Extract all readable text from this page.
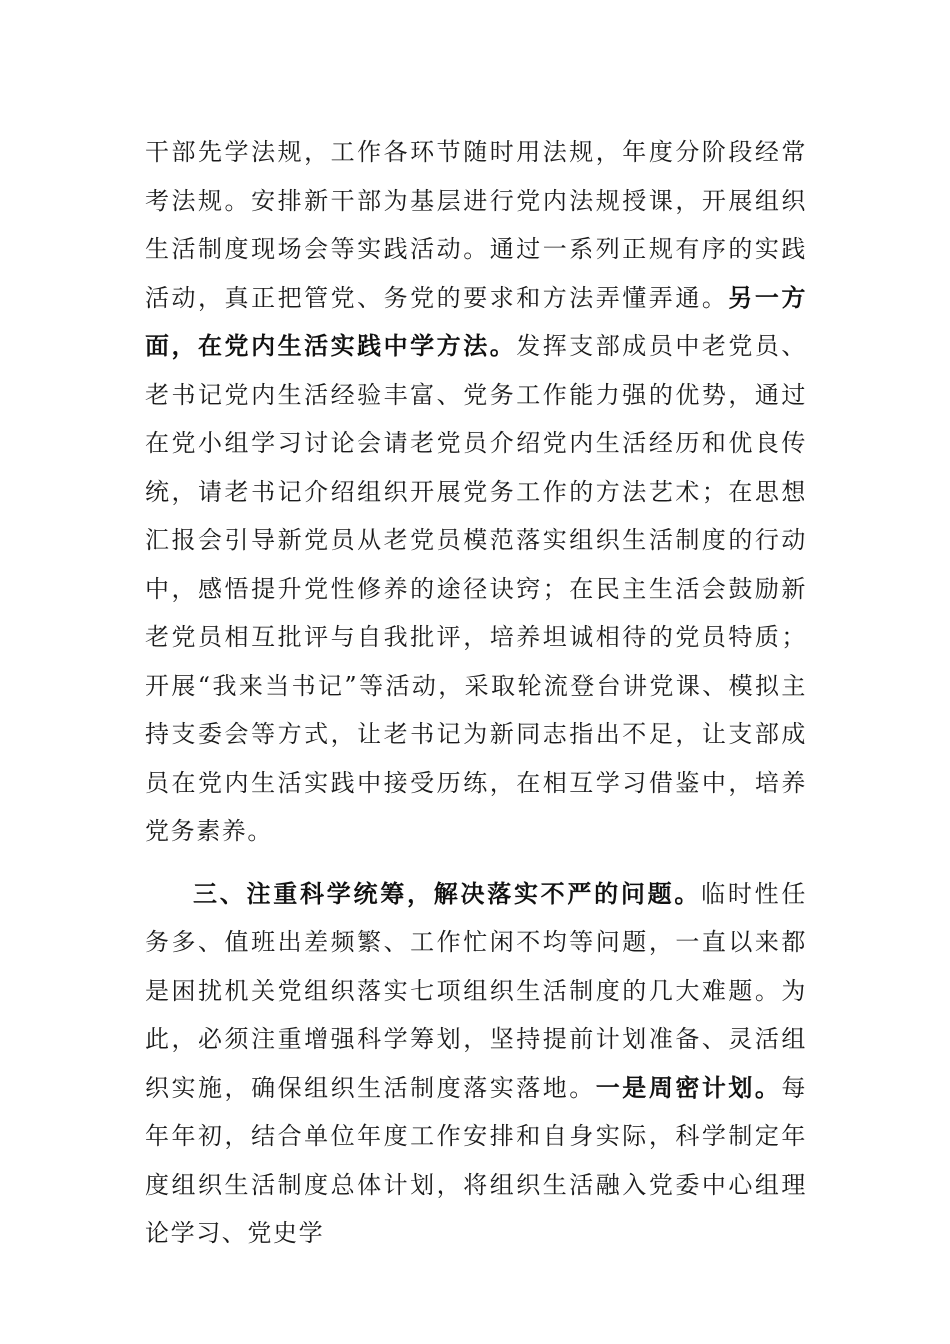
干部先学法规，工作各环节随时用法规，年度分阶段经常考法规。安排新干部为基层进行党内法规授课，开展组织生活制度现场会等实践活动。通过一系列正规有序的实践活动，真正把管党、务党的要求和方法弄懂弄通。另一方面，在党内生活实践中学方法。发挥支部成员中老党员、老书记党内生活经验丰富、党务工作能力强的优势，通过在党小组学习讨论会请老党员介绍党内生活经历和优良传统，请老书记介绍组织开展党务工作的方法艺术；在思想汇报会引导新党员从老党员模范落实组织生活制度的行动中，感悟提升党性修养的途径诀窍；在民主生活会鼓励新老党员相互批评与自我批评，培养坦诚相待的党员特质；开展“我来当书记”等活动，采取轮流登台讲党课、模拟主持支委会等方式，让老书记为新同志指出不足，让支部成员在党内生活实践中接受历练，在相互学习借鉴中，培养党务素养。

三、注重科学统筹，解决落实不严的问题。临时性任务多、值班出差频繁、工作忙闲不均等问题，一直以来都是困扰机关党组织落实七项组织生活制度的几大难题。为此，必须注重增强科学筹划，坚持提前计划准备、灵活组织实施，确保组织生活制度落实落地。一是周密计划。每年年初，结合单位年度工作安排和自身实际，科学制定年度组织生活制度总体计划，将组织生活融入党委中心组理论学习、党史学
